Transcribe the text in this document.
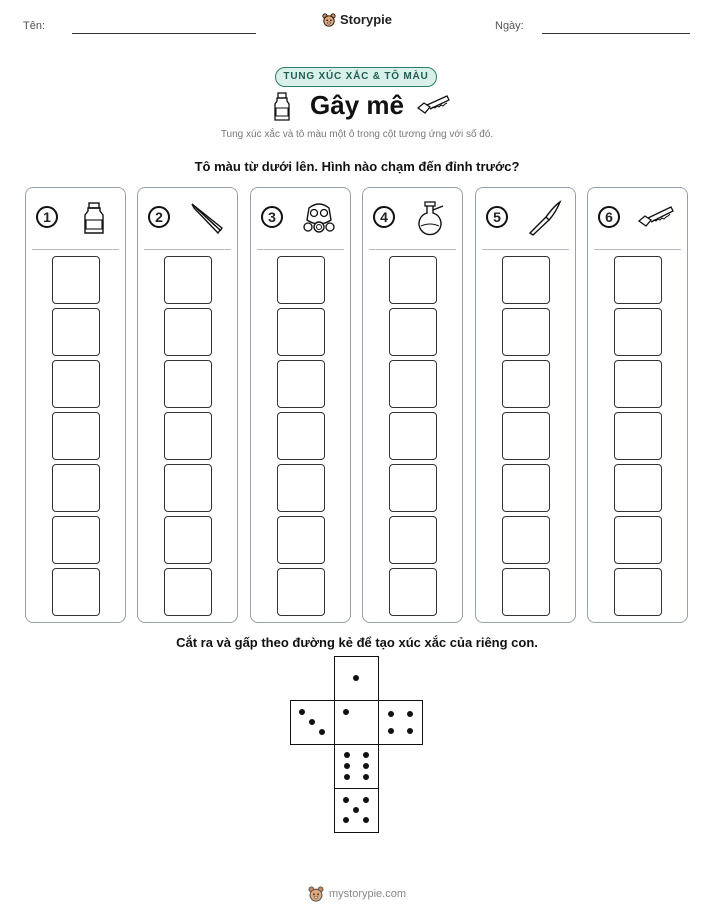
Tên:	Ngày:
Storypie
TUNG XÚC XẮC & TÔ MÀU
Gây mê
Tung xúc xắc và tô màu một ô trong cột tương ứng với số đó.
Tô màu từ dưới lên. Hình nào chạm đến đỉnh trước?
1	2	3	4	5	6
Cắt ra và gấp theo đường kẻ để tạo xúc xắc của riêng con.
mystorypie.com
